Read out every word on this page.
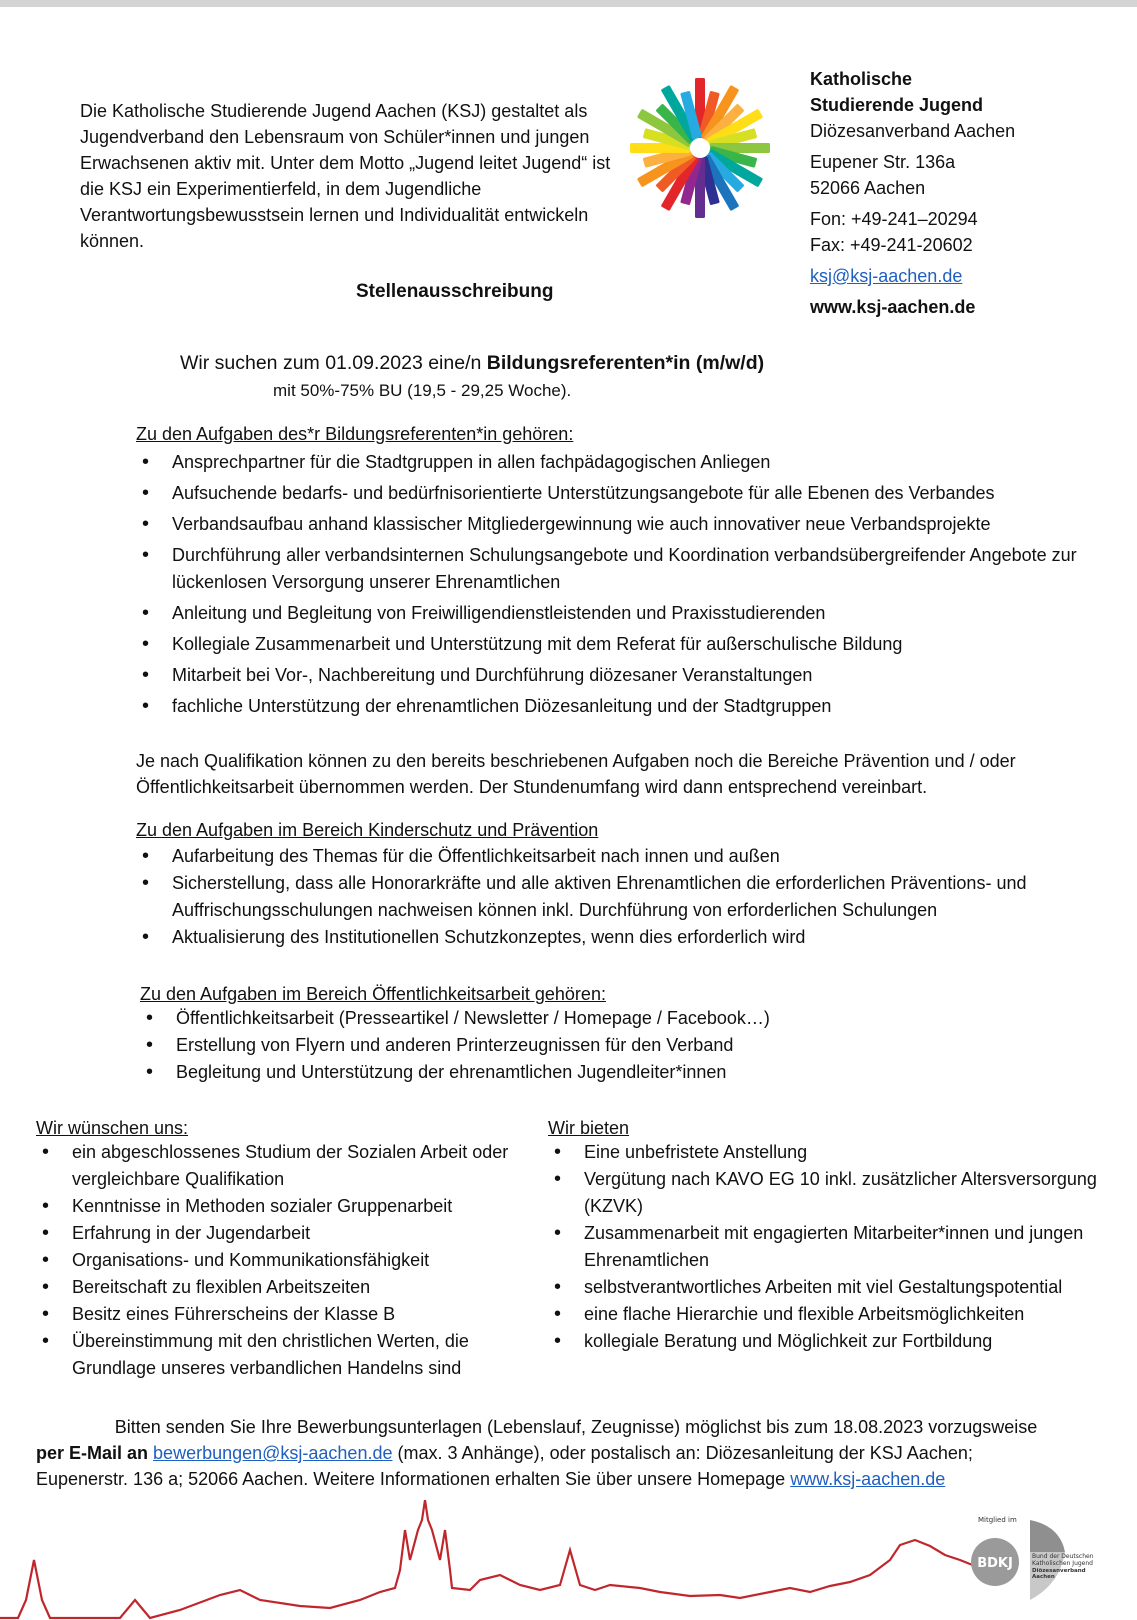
Die Katholische Studierende Jugend Aachen (KSJ) gestaltet als Jugendverband den Lebensraum von Schüler*innen und jungen Erwachsenen aktiv mit. Unter dem Motto „Jugend leitet Jugend“ ist die KSJ ein Experimentierfeld, in dem Jugendliche Verantwortungsbewusstsein lernen und Individualität entwickeln können.
Katholische
Studierende Jugend
Diözesanverband Aachen
Eupener Str. 136a
52066 Aachen
Fon: +49-241–20294
Fax: +49-241-20602
ksj@ksj-aachen.de
www.ksj-aachen.de
Stellenausschreibung
Wir suchen zum 01.09.2023 eine/n Bildungsreferenten*in (m/w/d)
mit 50%-75% BU (19,5 - 29,25 Woche).
Zu den Aufgaben des*r Bildungsreferenten*in gehören:
• Ansprechpartner für die Stadtgruppen in allen fachpädagogischen Anliegen
• Aufsuchende bedarfs- und bedürfnisorientierte Unterstützungsangebote für alle Ebenen des Verbandes
• Verbandsaufbau anhand klassischer Mitgliedergewinnung wie auch innovativer neue Verbandsprojekte
• Durchführung aller verbandsinternen Schulungsangebote und Koordination verbandsübergreifender Angebote zur lückenlosen Versorgung unserer Ehrenamtlichen
• Anleitung und Begleitung von Freiwilligendienstleistenden und Praxisstudierenden
• Kollegiale Zusammenarbeit und Unterstützung mit dem Referat für außerschulische Bildung
• Mitarbeit bei Vor-, Nachbereitung und Durchführung diözesaner Veranstaltungen
• fachliche Unterstützung der ehrenamtlichen Diözesanleitung und der Stadtgruppen
Je nach Qualifikation können zu den bereits beschriebenen Aufgaben noch die Bereiche Prävention und / oder Öffentlichkeitsarbeit übernommen werden. Der Stundenumfang wird dann entsprechend vereinbart.
Zu den Aufgaben im Bereich Kinderschutz und Prävention
• Aufarbeitung des Themas für die Öffentlichkeitsarbeit nach innen und außen
• Sicherstellung, dass alle Honorarkräfte und alle aktiven Ehrenamtlichen die erforderlichen Präventions- und Auffrischungsschulungen nachweisen können inkl. Durchführung von erforderlichen Schulungen
• Aktualisierung des Institutionellen Schutzkonzeptes, wenn dies erforderlich wird
Zu den Aufgaben im Bereich Öffentlichkeitsarbeit gehören:
• Öffentlichkeitsarbeit (Presseartikel / Newsletter / Homepage / Facebook…)
• Erstellung von Flyern und anderen Printerzeugnissen für den Verband
• Begleitung und Unterstützung der ehrenamtlichen Jugendleiter*innen
Wir wünschen uns:
• ein abgeschlossenes Studium der Sozialen Arbeit oder vergleichbare Qualifikation
• Kenntnisse in Methoden sozialer Gruppenarbeit
• Erfahrung in der Jugendarbeit
• Organisations- und Kommunikationsfähigkeit
• Bereitschaft zu flexiblen Arbeitszeiten
• Besitz eines Führerscheins der Klasse B
• Übereinstimmung mit den christlichen Werten, die Grundlage unseres verbandlichen Handelns sind
Wir bieten
• Eine unbefristete Anstellung
• Vergütung nach KAVO EG 10 inkl. zusätzlicher Altersversorgung (KZVK)
• Zusammenarbeit mit engagierten Mitarbeiter*innen und jungen Ehrenamtlichen
• selbstverantwortliches Arbeiten mit viel Gestaltungspotential
• eine flache Hierarchie und flexible Arbeitsmöglichkeiten
• kollegiale Beratung und Möglichkeit zur Fortbildung
Bitten senden Sie Ihre Bewerbungsunterlagen (Lebenslauf, Zeugnisse) möglichst bis zum 18.08.2023 vorzugsweise
per E-Mail an bewerbungen@ksj-aachen.de (max. 3 Anhänge), oder postalisch an: Diözesanleitung der KSJ Aachen;
Eupenerstr. 136 a; 52066 Aachen. Weitere Informationen erhalten Sie über unsere Homepage www.ksj-aachen.de
Mitglied im
BDKJ	Bund der Deutschen
Katholischen Jugend
Diözesanverband
Aachen
